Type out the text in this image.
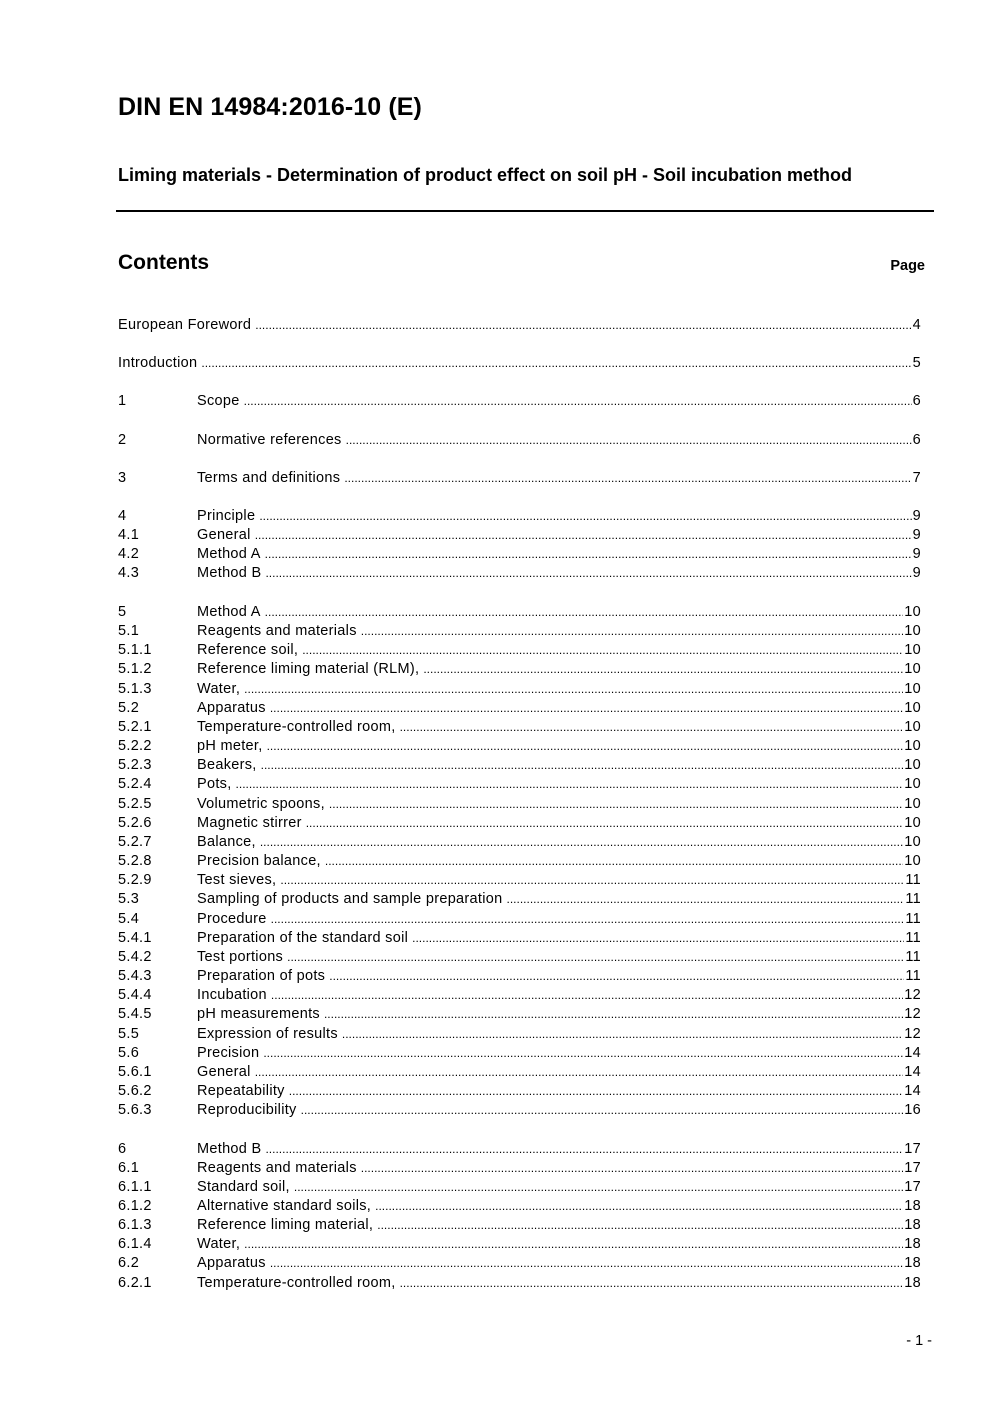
DIN EN 14984:2016-10 (E)
Liming materials - Determination of product effect on soil pH - Soil incubation method
Contents	Page
European Foreword .....	4
Introduction .....	5
1	Scope .....	6
2	Normative references .....	6
3	Terms and definitions .....	7
4	Principle .....	9
4.1	General .....	9
4.2	Method A .....	9
4.3	Method B .....	9
5	Method A .....	10
5.1	Reagents and materials .....	10
5.1.1	Reference soil, .....	10
5.1.2	Reference liming material (RLM), .....	10
5.1.3	Water, .....	10
5.2	Apparatus .....	10
5.2.1	Temperature-controlled room, .....	10
5.2.2	pH meter, .....	10
5.2.3	Beakers, .....	10
5.2.4	Pots, .....	10
5.2.5	Volumetric spoons, .....	10
5.2.6	Magnetic stirrer .....	10
5.2.7	Balance, .....	10
5.2.8	Precision balance, .....	10
5.2.9	Test sieves, .....	11
5.3	Sampling of products and sample preparation .....	11
5.4	Procedure .....	11
5.4.1	Preparation of the standard soil .....	11
5.4.2	Test portions .....	11
5.4.3	Preparation of pots .....	11
5.4.4	Incubation .....	12
5.4.5	pH measurements .....	12
5.5	Expression of results .....	12
5.6	Precision .....	14
5.6.1	General .....	14
5.6.2	Repeatability .....	14
5.6.3	Reproducibility .....	16
6	Method B .....	17
6.1	Reagents and materials .....	17
6.1.1	Standard soil, .....	17
6.1.2	Alternative standard soils, .....	18
6.1.3	Reference liming material, .....	18
6.1.4	Water, .....	18
6.2	Apparatus .....	18
6.2.1	Temperature-controlled room, .....	18
- 1 -
